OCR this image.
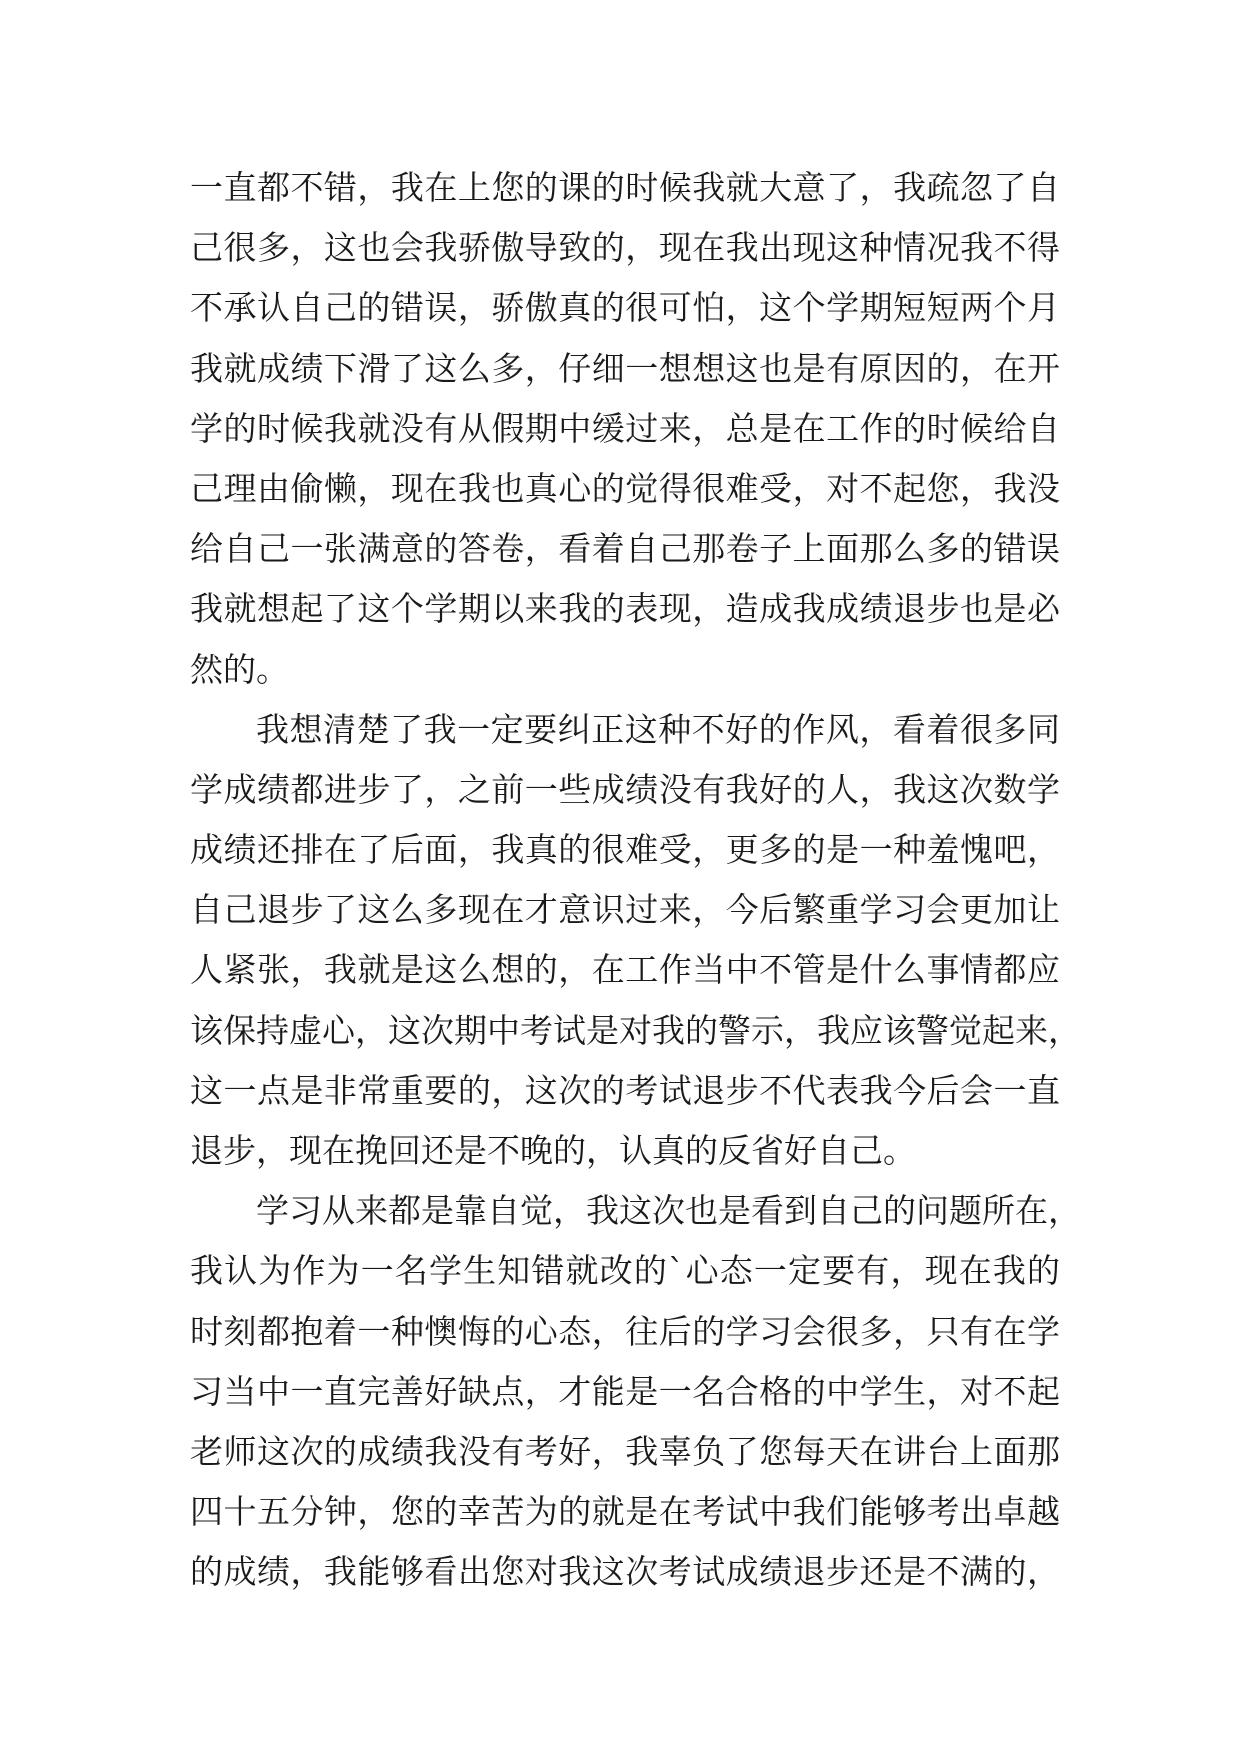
一直都不错，我在上您的课的时候我就大意了，我疏忽了自
己很多，这也会我骄傲导致的，现在我出现这种情况我不得
不承认自己的错误，骄傲真的很可怕，这个学期短短两个月
我就成绩下滑了这么多，仔细一想想这也是有原因的，在开
学的时候我就没有从假期中缓过来，总是在工作的时候给自
己理由偷懒，现在我也真心的觉得很难受，对不起您，我没
给自己一张满意的答卷，看着自己那卷子上面那么多的错误
我就想起了这个学期以来我的表现，造成我成绩退步也是必
然的。
我想清楚了我一定要纠正这种不好的作风，看着很多同
学成绩都进步了，之前一些成绩没有我好的人，我这次数学
成绩还排在了后面，我真的很难受，更多的是一种羞愧吧，
自己退步了这么多现在才意识过来，今后繁重学习会更加让
人紧张，我就是这么想的，在工作当中不管是什么事情都应
该保持虚心，这次期中考试是对我的警示，我应该警觉起来，
这一点是非常重要的，这次的考试退步不代表我今后会一直
退步，现在挽回还是不晚的，认真的反省好自己。
学习从来都是靠自觉，我这次也是看到自己的问题所在，
我认为作为一名学生知错就改的`心态一定要有，现在我的
时刻都抱着一种懊悔的心态，往后的学习会很多，只有在学
习当中一直完善好缺点，才能是一名合格的中学生，对不起
老师这次的成绩我没有考好，我辜负了您每天在讲台上面那
四十五分钟，您的幸苦为的就是在考试中我们能够考出卓越
的成绩，我能够看出您对我这次考试成绩退步还是不满的，
